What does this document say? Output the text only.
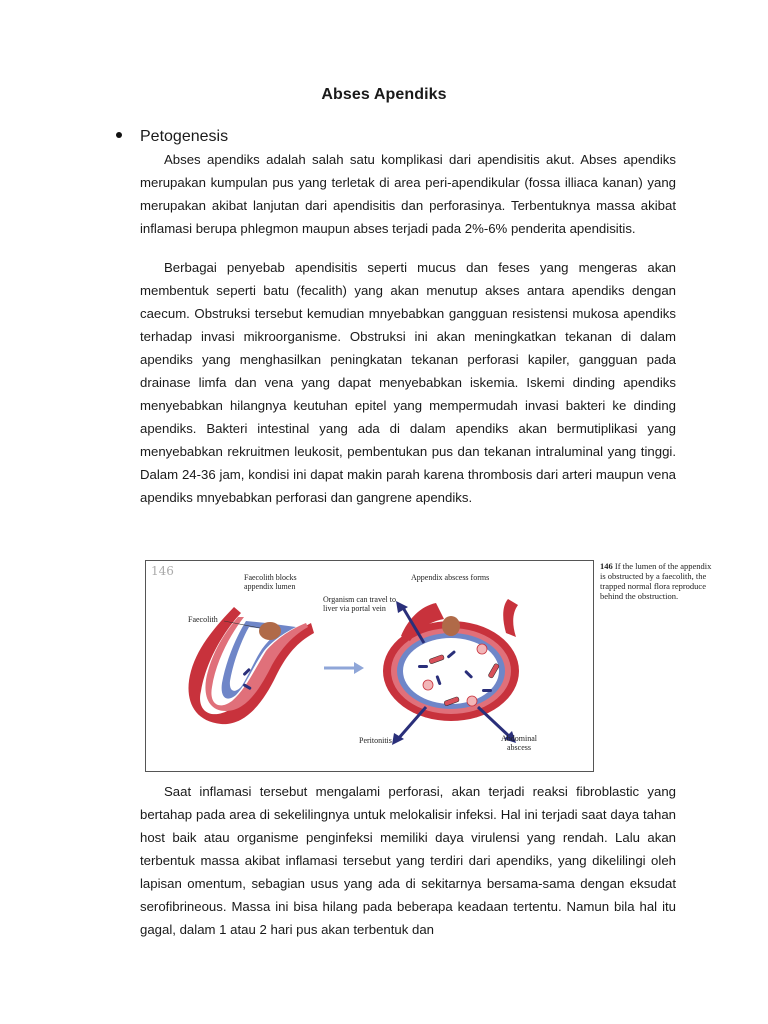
Abses Apendiks
Petogenesis

Abses apendiks adalah salah satu komplikasi dari apendisitis akut. Abses apendiks merupakan kumpulan pus yang terletak di area peri-apendikular (fossa illiaca kanan) yang merupakan akibat lanjutan dari apendisitis dan perforasinya. Terbentuknya massa akibat inflamasi berupa phlegmon maupun abses terjadi pada 2%-6% penderita apendisitis.

Berbagai penyebab apendisitis seperti mucus dan feses yang mengeras akan membentuk seperti batu (fecalith) yang akan menutup akses antara apendiks dengan caecum. Obstruksi tersebut kemudian mnyebabkan gangguan resistensi mukosa apendiks terhadap invasi mikroorganisme. Obstruksi ini akan meningkatkan tekanan di dalam apendiks yang menghasilkan peningkatan tekanan perforasi kapiler, gangguan pada drainase limfa dan vena yang dapat menyebabkan iskemia. Iskemi dinding apendiks menyebabkan hilangnya keutuhan epitel yang mempermudah invasi bakteri ke dinding apendiks. Bakteri intestinal yang ada di dalam apendiks akan bermutiplikasi yang menyebabkan rekruitmen leukosit, pembentukan pus dan tekanan intraluminal yang tinggi. Dalam 24-36 jam, kondisi ini dapat makin parah karena thrombosis dari arteri maupun vena apendiks mnyebabkan perforasi dan gangrene apendiks.

146	Faecolith blocks
appendix lumen
Faecolith
Organism can travel to
liver via portal vein
Appendix abscess forms
Peritonitis	Abdominal
abscess
146 If the lumen of the appendix is obstructed by a faecolith, the trapped normal flora reproduce behind the obstruction.

Saat inflamasi tersebut mengalami perforasi, akan terjadi reaksi fibroblastic yang bertahap pada area di sekelilingnya untuk melokalisir infeksi. Hal ini terjadi saat daya tahan host baik atau organisme penginfeksi memiliki daya virulensi yang rendah. Lalu akan terbentuk massa akibat inflamasi tersebut yang terdiri dari apendiks, yang dikelilingi oleh lapisan omentum, sebagian usus yang ada di sekitarnya bersama-sama dengan eksudat serofibrineous. Massa ini bisa hilang pada beberapa keadaan tertentu. Namun bila hal itu gagal, dalam 1 atau 2 hari pus akan terbentuk dan
